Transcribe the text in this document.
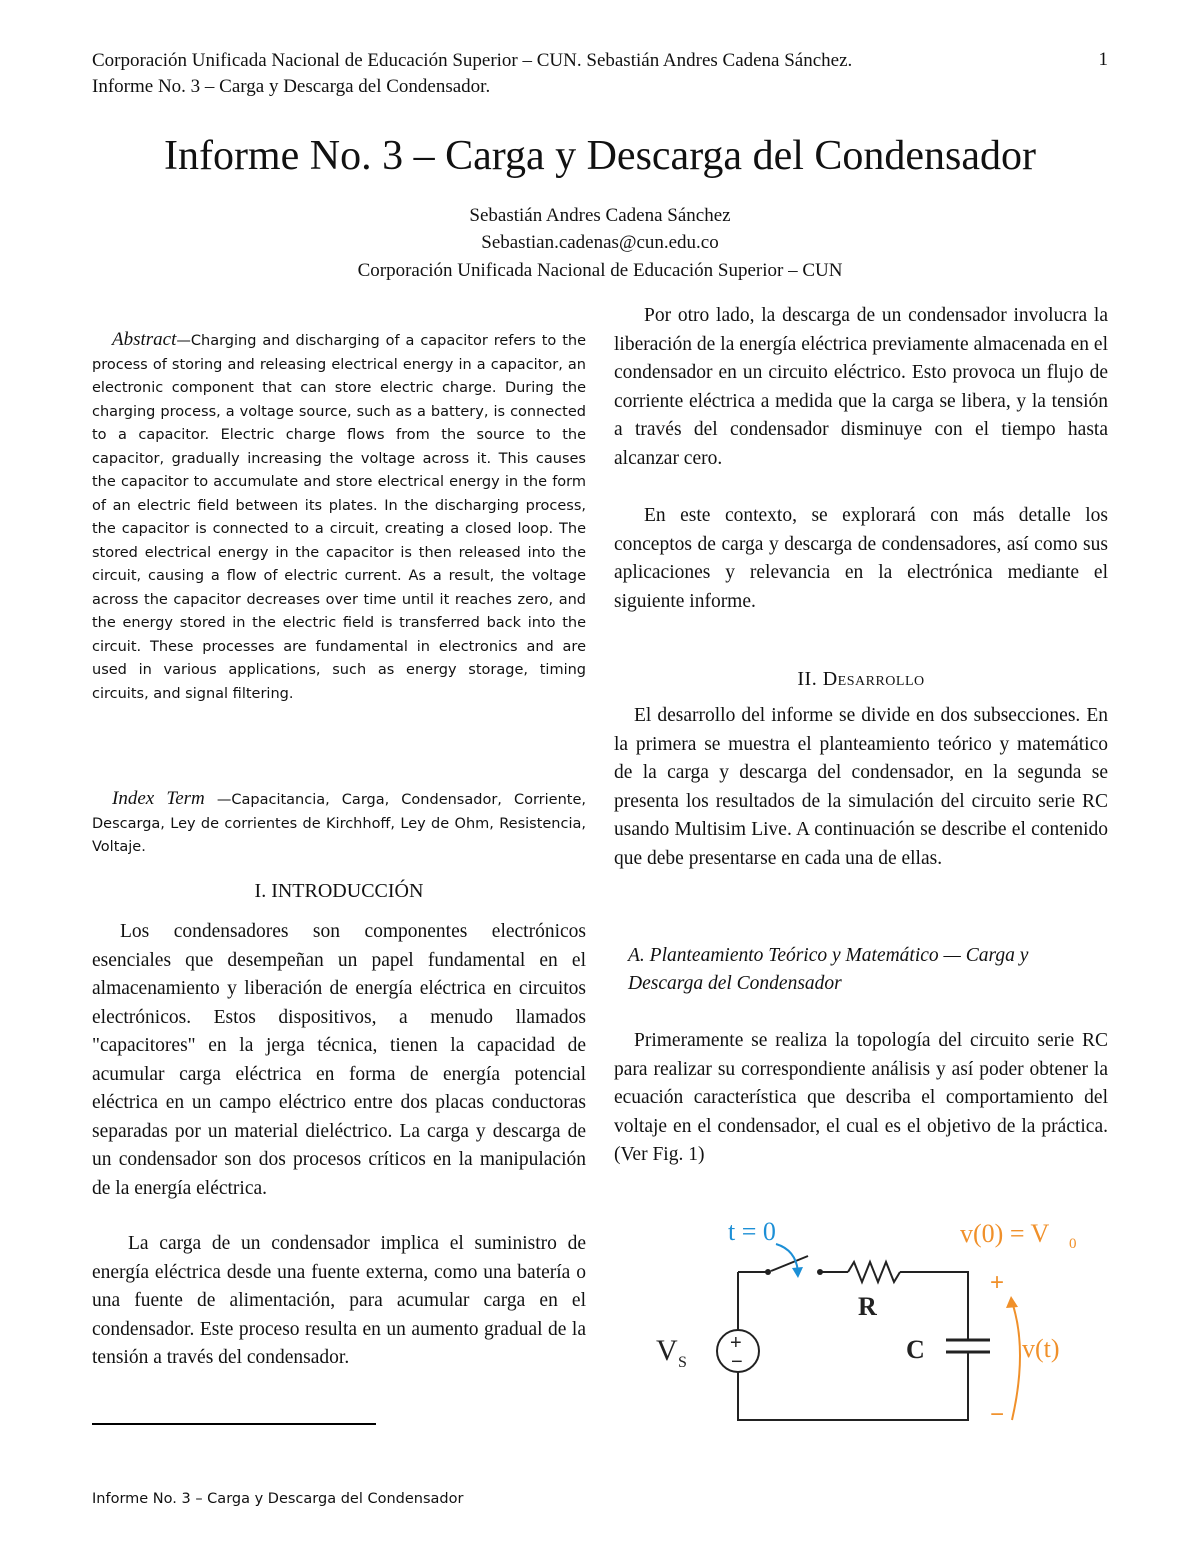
Corporación Unificada Nacional de Educación Superior – CUN. Sebastián Andres Cadena Sánchez.
Informe No. 3 – Carga y Descarga del Condensador.
1
Informe No. 3 – Carga y Descarga del Condensador
Sebastián Andres Cadena Sánchez
Sebastian.cadenas@cun.edu.co
Corporación Unificada Nacional de Educación Superior – CUN
Abstract—Charging and discharging of a capacitor refers to the process of storing and releasing electrical energy in a capacitor, an electronic component that can store electric charge. During the charging process, a voltage source, such as a battery, is connected to a capacitor. Electric charge flows from the source to the capacitor, gradually increasing the voltage across it. This causes the capacitor to accumulate and store electrical energy in the form of an electric field between its plates. In the discharging process, the capacitor is connected to a circuit, creating a closed loop. The stored electrical energy in the capacitor is then released into the circuit, causing a flow of electric current. As a result, the voltage across the capacitor decreases over time until it reaches zero, and the energy stored in the electric field is transferred back into the circuit. These processes are fundamental in electronics and are used in various applications, such as energy storage, timing circuits, and signal filtering.
Index Term —Capacitancia, Carga, Condensador, Corriente, Descarga, Ley de corrientes de Kirchhoff, Ley de Ohm, Resistencia, Voltaje.
I. INTRODUCCIÓN
Los condensadores son componentes electrónicos esenciales que desempeñan un papel fundamental en el almacenamiento y liberación de energía eléctrica en circuitos electrónicos. Estos dispositivos, a menudo llamados "capacitores" en la jerga técnica, tienen la capacidad de acumular carga eléctrica en forma de energía potencial eléctrica en un campo eléctrico entre dos placas conductoras separadas por un material dieléctrico. La carga y descarga de un condensador son dos procesos críticos en la manipulación de la energía eléctrica.
La carga de un condensador implica el suministro de energía eléctrica desde una fuente externa, como una batería o una fuente de alimentación, para acumular carga en el condensador. Este proceso resulta en un aumento gradual de la tensión a través del condensador.
Por otro lado, la descarga de un condensador involucra la liberación de la energía eléctrica previamente almacenada en el condensador en un circuito eléctrico. Esto provoca un flujo de corriente eléctrica a medida que la carga se libera, y la tensión a través del condensador disminuye con el tiempo hasta alcanzar cero.
En este contexto, se explorará con más detalle los conceptos de carga y descarga de condensadores, así como sus aplicaciones y relevancia en la electrónica mediante el siguiente informe.
II. Desarrollo
El desarrollo del informe se divide en dos subsecciones. En la primera se muestra el planteamiento teórico y matemático de la carga y descarga del condensador, en la segunda se presenta los resultados de la simulación del circuito serie RC usando Multisim Live. A continuación se describe el contenido que debe presentarse en cada una de ellas.
A. Planteamiento Teórico y Matemático — Carga y Descarga del Condensador
Primeramente se realiza la topología del circuito serie RC para realizar su correspondiente análisis y así poder obtener la ecuación característica que describa el comportamiento del voltaje en el condensador, el cual es el objetivo de la práctica. (Ver Fig. 1)
t = 0	v(0) = V 0
R
C
V S
+
−
+
v(t)
−
Informe No. 3 – Carga y Descarga del Condensador
